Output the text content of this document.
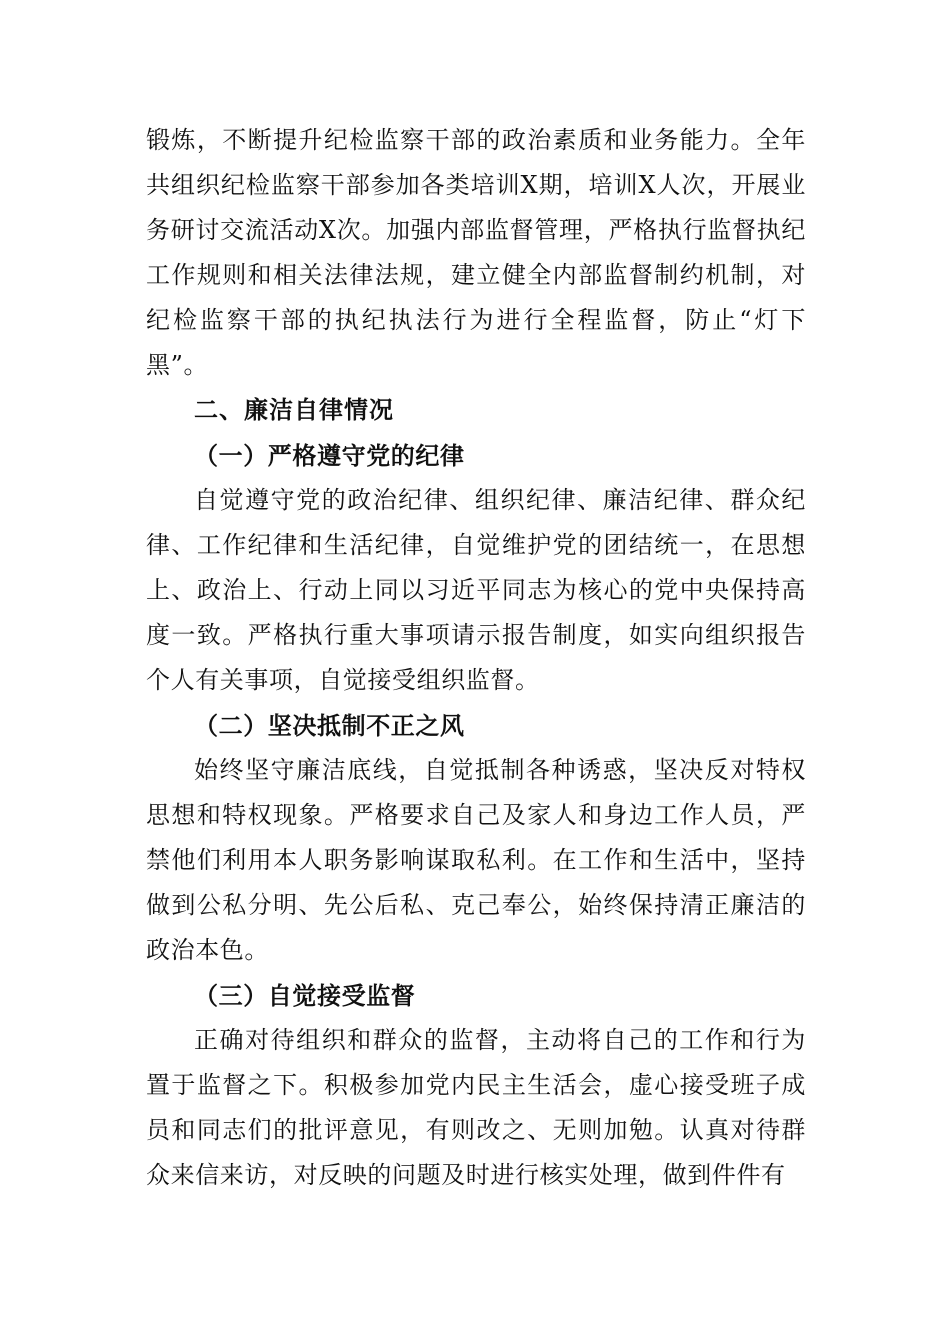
锻炼，不断提升纪检监察干部的政治素质和业务能力。全年共组织纪检监察干部参加各类培训X期，培训X人次，开展业务研讨交流活动X次。加强内部监督管理，严格执行监督执纪工作规则和相关法律法规，建立健全内部监督制约机制，对纪检监察干部的执纪执法行为进行全程监督，防止“灯下黑”。

二、廉洁自律情况

（一）严格遵守党的纪律

自觉遵守党的政治纪律、组织纪律、廉洁纪律、群众纪律、工作纪律和生活纪律，自觉维护党的团结统一，在思想上、政治上、行动上同以习近平同志为核心的党中央保持高度一致。严格执行重大事项请示报告制度，如实向组织报告个人有关事项，自觉接受组织监督。

（二）坚决抵制不正之风

始终坚守廉洁底线，自觉抵制各种诱惑，坚决反对特权思想和特权现象。严格要求自己及家人和身边工作人员，严禁他们利用本人职务影响谋取私利。在工作和生活中，坚持做到公私分明、先公后私、克己奉公，始终保持清正廉洁的政治本色。

（三）自觉接受监督

正确对待组织和群众的监督，主动将自己的工作和行为置于监督之下。积极参加党内民主生活会，虚心接受班子成员和同志们的批评意见，有则改之、无则加勉。认真对待群众来信来访，对反映的问题及时进行核实处理，做到件件有
